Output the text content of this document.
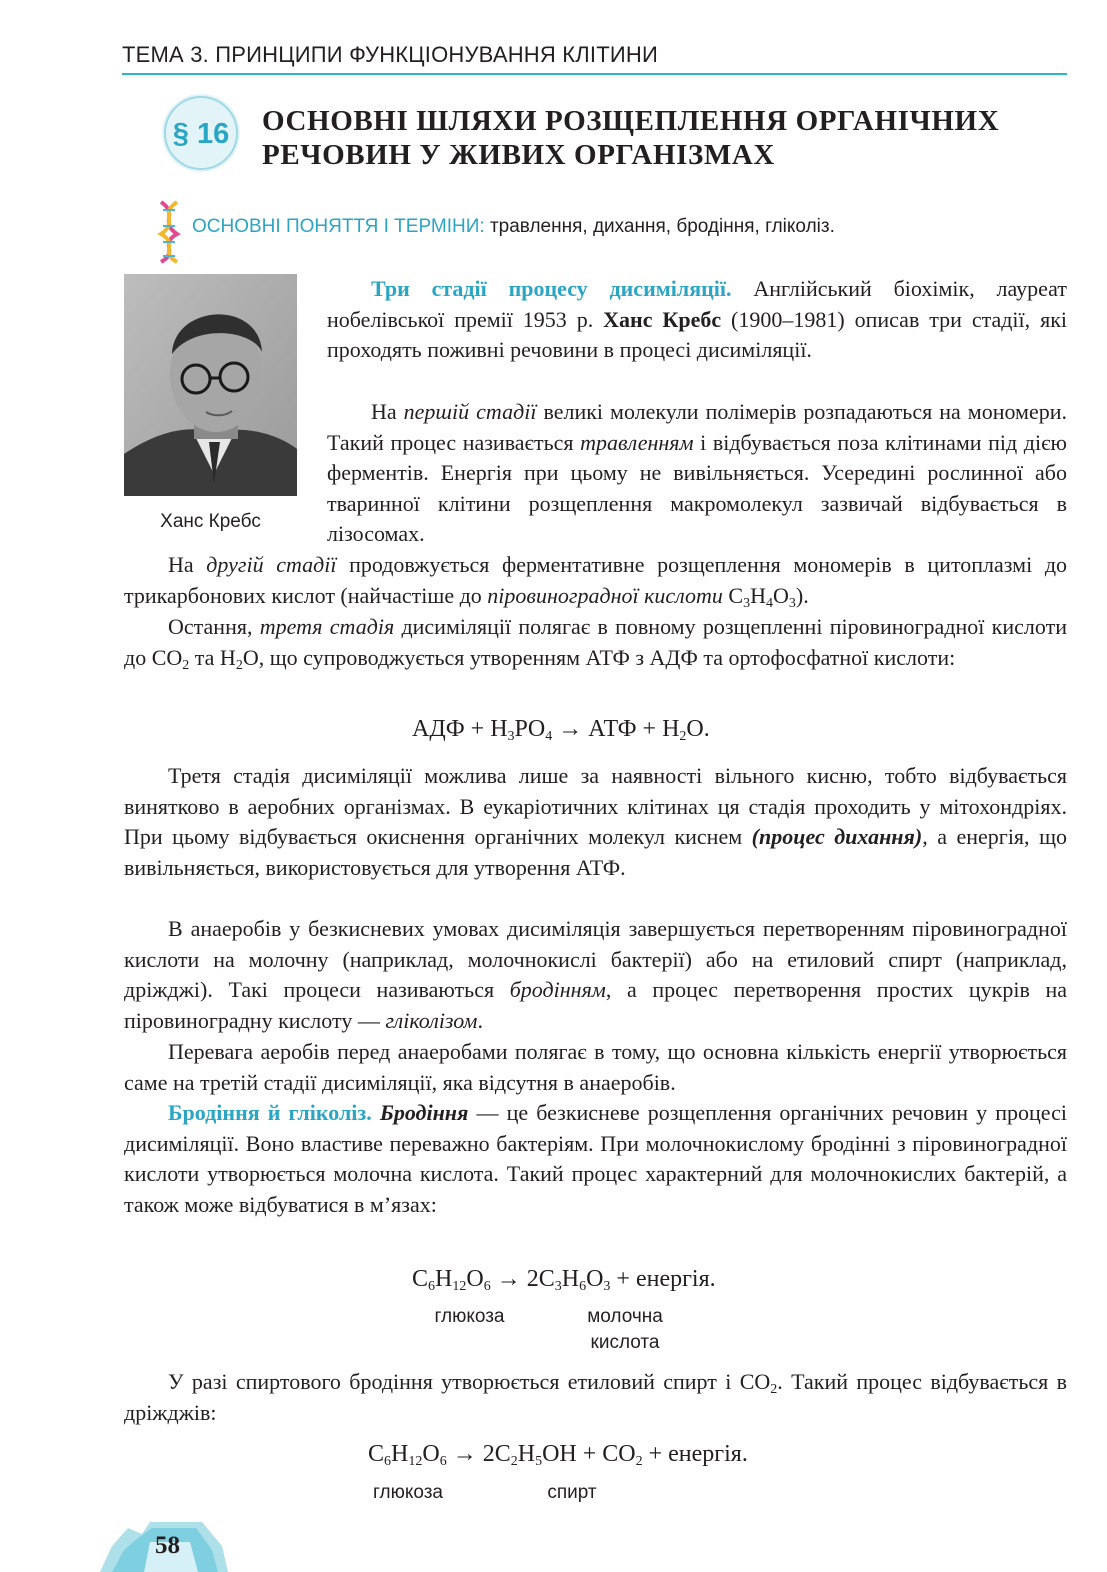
ТЕМА 3. ПРИНЦИПИ ФУНКЦІОНУВАННЯ КЛІТИНИ
§ 16 ОСНОВНІ ШЛЯХИ РОЗЩЕПЛЕННЯ ОРГАНІЧНИХ РЕЧОВИН У ЖИВИХ ОРГАНІЗМАХ
ОСНОВНІ ПОНЯТТЯ І ТЕРМІНИ: травлення, дихання, бродіння, гліколіз.
Ханс Кребс
Три стадії процесу дисиміляції. Англійський біохімік, лауреат нобелівської премії 1953 р. Ханс Кребс (1900–1981) описав три стадії, які проходять поживні речовини в процесі дисиміляції.
На першій стадії великі молекули полімерів розпадаються на мономери. Такий процес називається травленням і відбувається поза клітинами під дією ферментів. Енергія при цьому не вивільняється. Усередині рослинної або тваринної клітини розщеплення макромолекул зазвичай відбувається в лізосомах.
На другій стадії продовжується ферментативне розщеплення мономерів в цитоплазмі до трикарбонових кислот (найчастіше до піровиноградної кислоти $C_3H_4O_3$).
Остання, третя стадія дисиміляції полягає в повному розщепленні піровиноградної кислоти до $CO_2$ та $H_2O$, що супроводжується утворенням АТФ з АДФ та ортофосфатної кислоти:
АДФ + $H_3PO_4$ → АТФ + $H_2O$.
Третя стадія дисиміляції можлива лише за наявності вільного кисню, тобто відбувається винятково в аеробних організмах. В еукаріотичних клітинах ця стадія проходить у мітохондріях. При цьому відбувається окиснення органічних молекул киснем (процес дихання), а енергія, що вивільняється, використовується для утворення АТФ.
В анаеробів у безкисневих умовах дисиміляція завершується перетворенням піровиноградної кислоти на молочну (наприклад, молочнокислі бактерії) або на етиловий спирт (наприклад, дріжджі). Такі процеси називаються бродінням, а процес перетворення простих цукрів на піровиноградну кислоту — гліколізом.
Перевага аеробів перед анаеробами полягає в тому, що основна кількість енергії утворюється саме на третій стадії дисиміляції, яка відсутня в анаеробів.
Бродіння й гліколіз. Бродіння — це безкисневе розщеплення органічних речовин у процесі дисиміляції. Воно властиве переважно бактеріям. При молочнокислому бродінні з піровиноградної кислоти утворюється молочна кислота. Такий процес характерний для молочнокислих бактерій, а також може відбуватися в м’язах:
$C_6H_{12}O_6 \to 2C_3H_6O_3$ + енергія.
глюкоза	молочна
кислота
У разі спиртового бродіння утворюється етиловий спирт і $CO_2$. Такий процес відбувається в дріжджів:
$C_6H_{12}O_6 \to 2C_2H_5OH + CO_2$ + енергія.
глюкоза	спирт
58
